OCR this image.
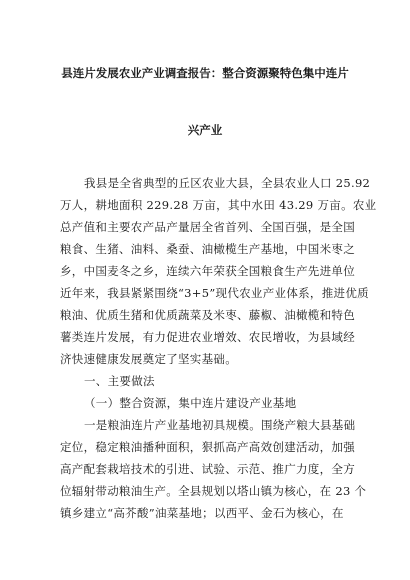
县连片发展农业产业调查报告：整合资源聚特色集中连片
兴产业
我县是全省典型的丘区农业大县，全县农业人口 25.92
万人，耕地面积 229.28 万亩，其中水田 43.29 万亩。农业
总产值和主要农产品产量居全省首列、全国百强，是全国
粮食、生猪、油料、桑蚕、油橄榄生产基地，中国米枣之
乡，中国麦冬之乡，连续六年荣获全国粮食生产先进单位
近年来，我县紧紧围绕“3+5”现代农业产业体系，推进优质
粮油、优质生猪和优质蔬菜及米枣、藤椒、油橄榄和特色
薯类连片发展，有力促进农业增效、农民增收，为县域经
济快速健康发展奠定了坚实基础。
一、主要做法
（一）整合资源，集中连片建设产业基地
一是粮油连片产业基地初具规模。围绕产粮大县基础
定位，稳定粮油播种面积，狠抓高产高效创建活动，加强
高产配套栽培技术的引进、试验、示范、推广力度，全方
位辐射带动粮油生产。全县规划以塔山镇为核心，在 23 个
镇乡建立“高芥酸”油菜基地；以西平、金石为核心，在
